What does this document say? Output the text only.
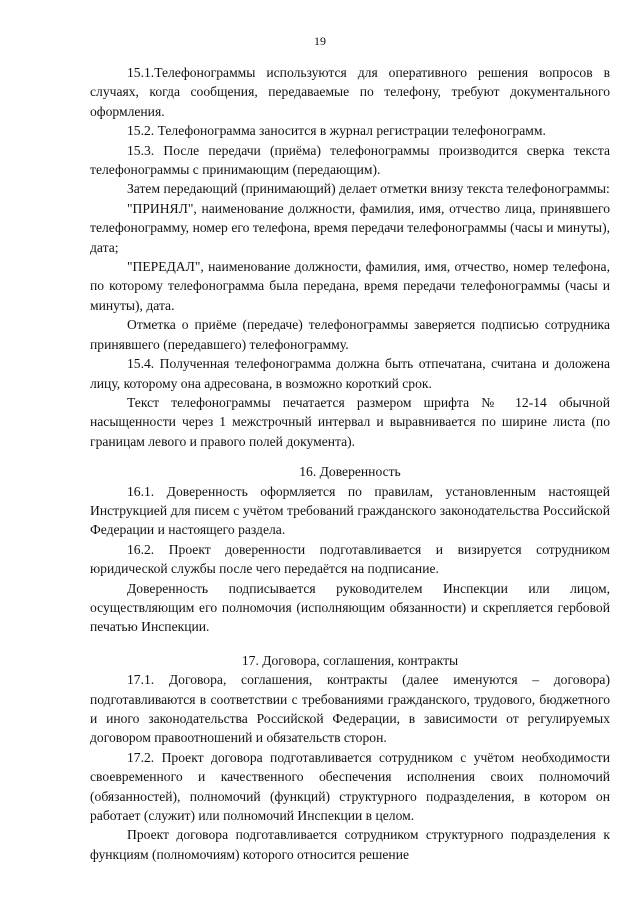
19

15.1.Телефонограммы используются для оперативного решения вопросов в случаях, когда сообщения, передаваемые по телефону, требуют документального оформления.

15.2. Телефонограмма заносится в журнал регистрации телефонограмм.

15.3. После передачи (приёма) телефонограммы производится сверка текста телефонограммы с принимающим (передающим).

Затем передающий (принимающий) делает отметки внизу текста телефонограммы:

"ПРИНЯЛ", наименование должности, фамилия, имя, отчество лица, принявшего телефонограмму, номер его телефона, время передачи телефонограммы (часы и минуты), дата;

"ПЕРЕДАЛ", наименование должности, фамилия, имя, отчество, номер телефона, по которому телефонограмма была передана, время передачи телефонограммы (часы и минуты), дата.

Отметка о приёме (передаче) телефонограммы заверяется подписью сотрудника принявшего (передавшего) телефонограмму.

15.4. Полученная телефонограмма должна быть отпечатана, считана и доложена лицу, которому она адресована, в возможно короткий срок.

Текст телефонограммы печатается размером шрифта № 12-14 обычной насыщенности через 1 межстрочный интервал и выравнивается по ширине листа (по границам левого и правого полей документа).

16. Доверенность

16.1. Доверенность оформляется по правилам, установленным настоящей Инструкцией для писем с учётом требований гражданского законодательства Российской Федерации и настоящего раздела.

16.2. Проект доверенности подготавливается и визируется сотрудником юридической службы после чего передаётся на подписание.

Доверенность подписывается руководителем Инспекции или лицом, осуществляющим его полномочия (исполняющим обязанности) и скрепляется гербовой печатью Инспекции.

17. Договора, соглашения, контракты

17.1. Договора, соглашения, контракты (далее именуются – договора) подготавливаются в соответствии с требованиями гражданского, трудового, бюджетного и иного законодательства Российской Федерации, в зависимости от регулируемых договором правоотношений и обязательств сторон.

17.2. Проект договора подготавливается сотрудником с учётом необходимости своевременного и качественного обеспечения исполнения своих полномочий (обязанностей), полномочий (функций) структурного подразделения, в котором он работает (служит) или полномочий Инспекции в целом.

Проект договора подготавливается сотрудником структурного подразделения к функциям (полномочиям) которого относится решение
